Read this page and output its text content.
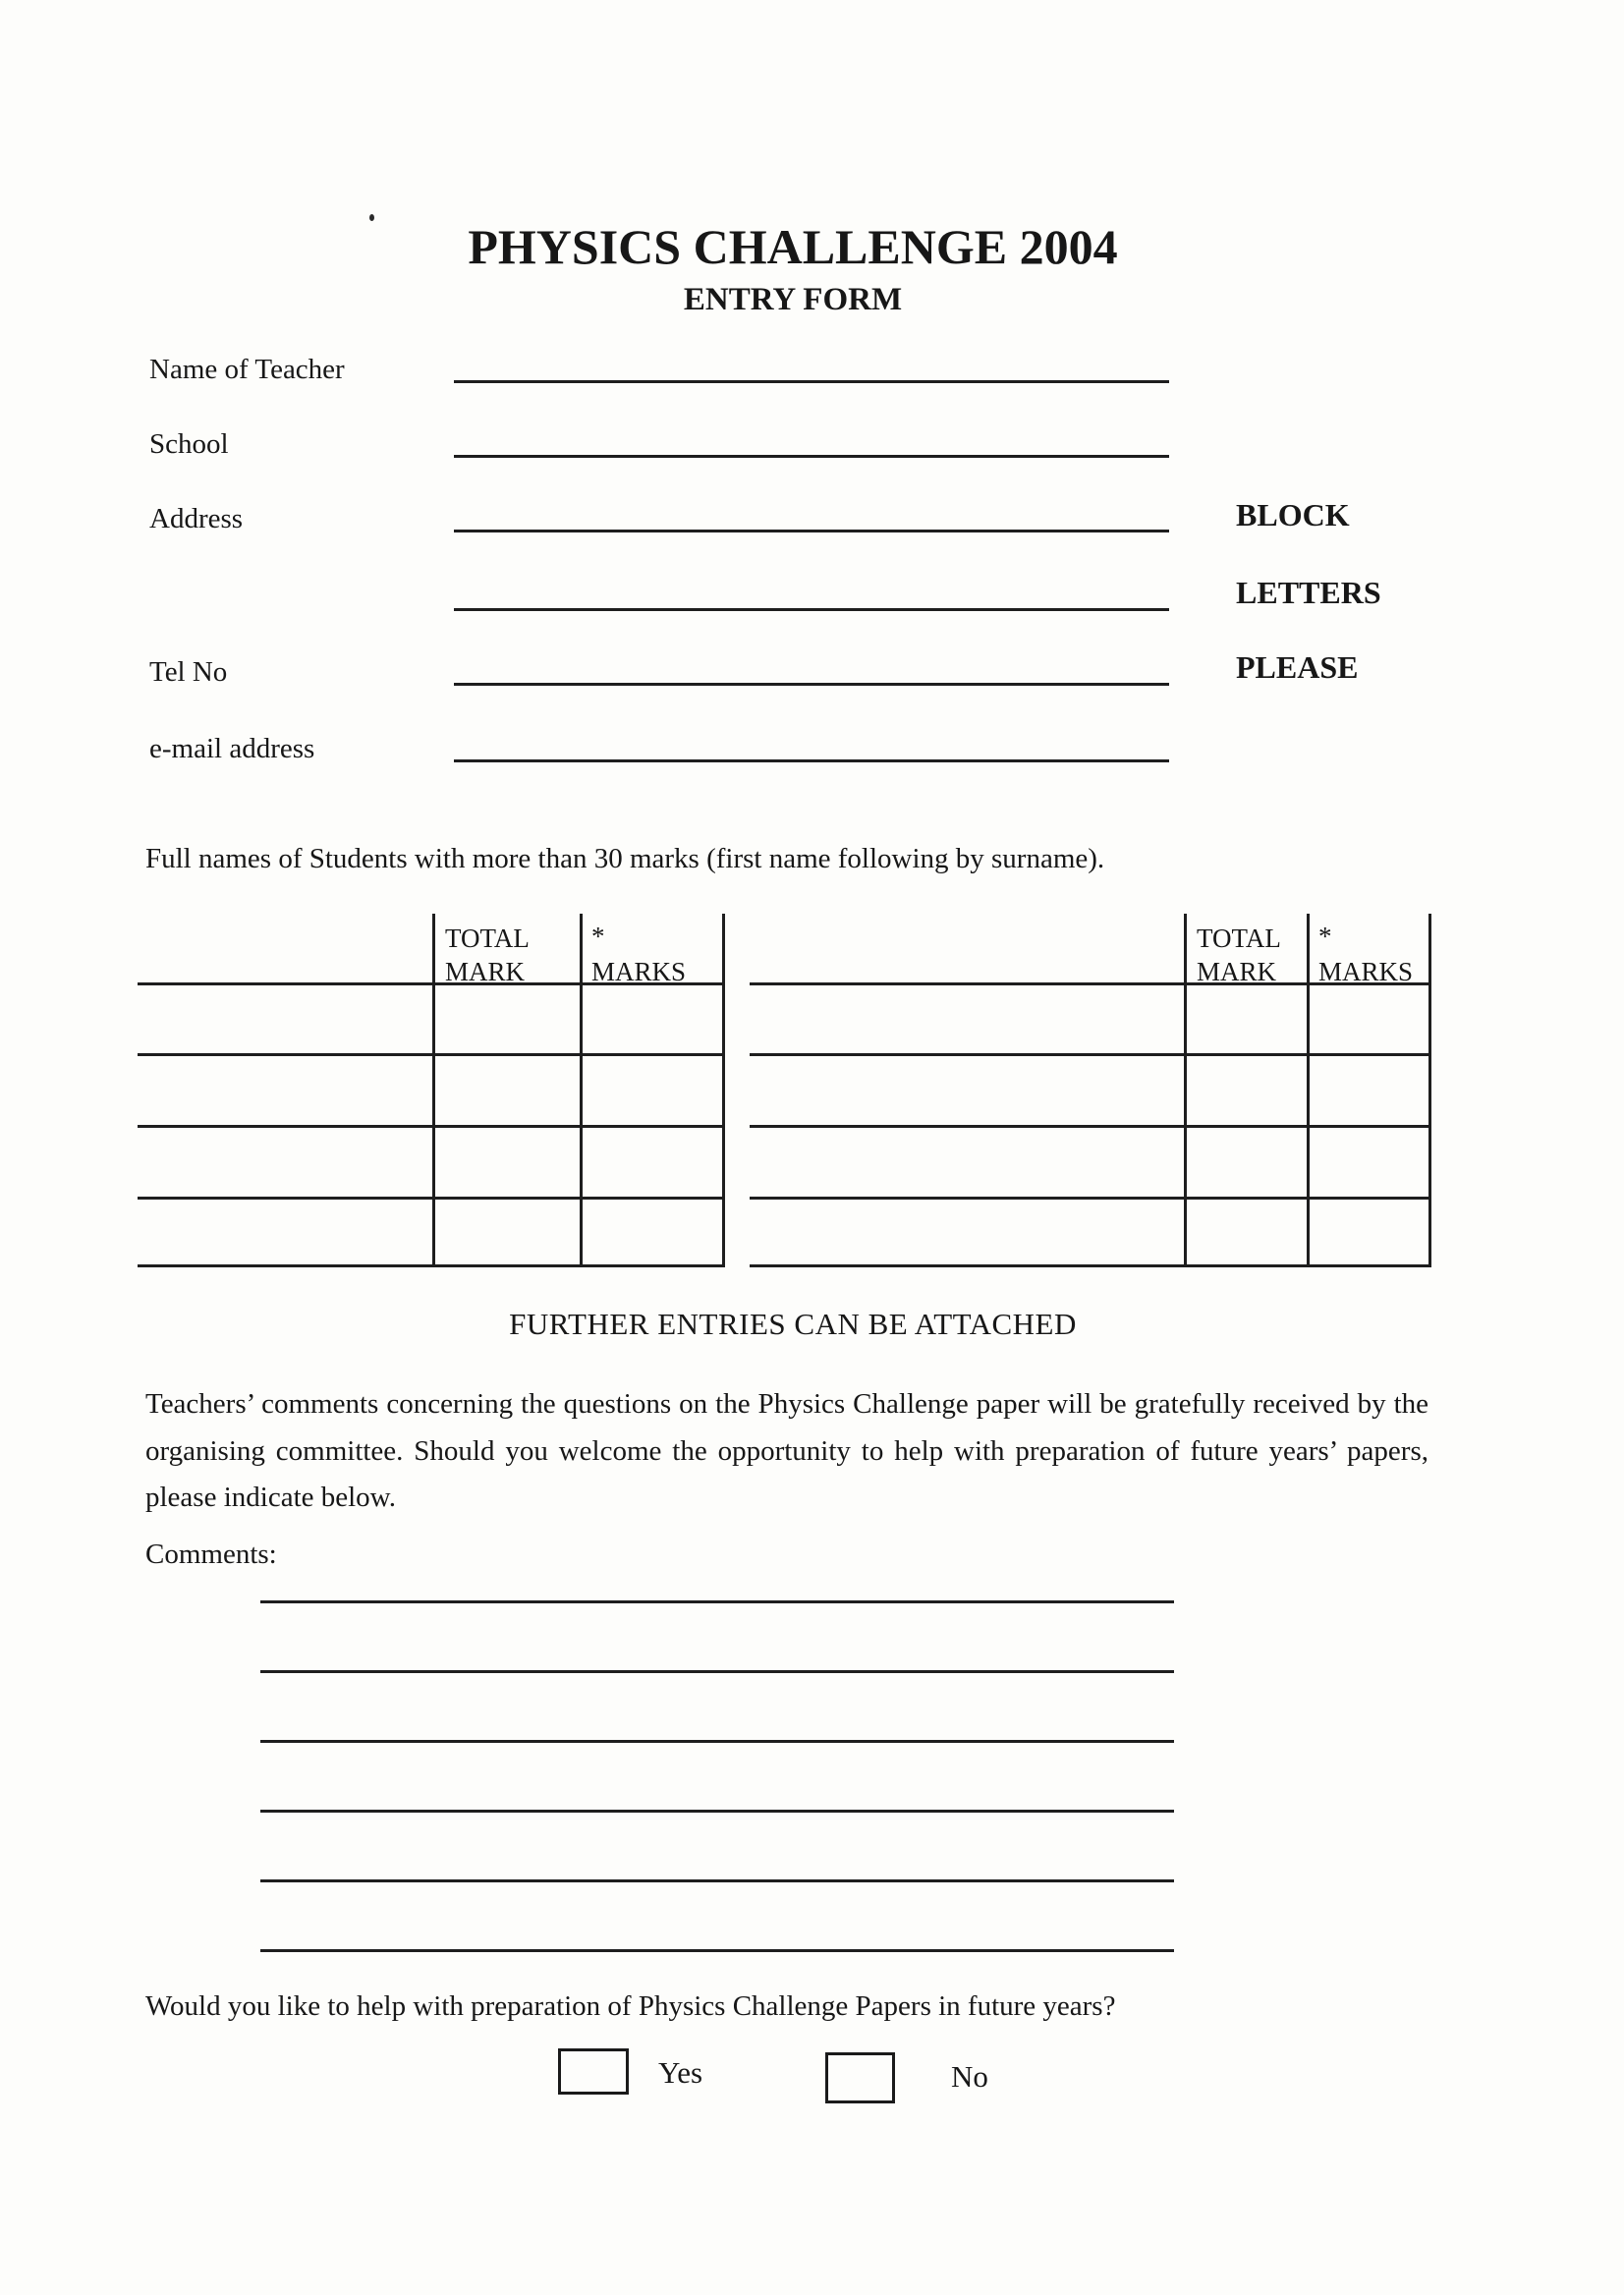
PHYSICS CHALLENGE 2004
ENTRY FORM
Name of Teacher
School
Address
Tel No
e-mail address
BLOCK
LETTERS
PLEASE
Full names of Students with more than 30 marks (first name following by surname).
TOTAL
MARK
*
MARKS
TOTAL
MARK
*
MARKS
FURTHER ENTRIES CAN BE ATTACHED
Teachers’ comments concerning the questions on the Physics Challenge paper will be gratefully received by the organising committee. Should you welcome the opportunity to help with preparation of future years’ papers, please indicate below.
Comments:
Would you like to help with preparation of Physics Challenge Papers in future years?
Yes	No
